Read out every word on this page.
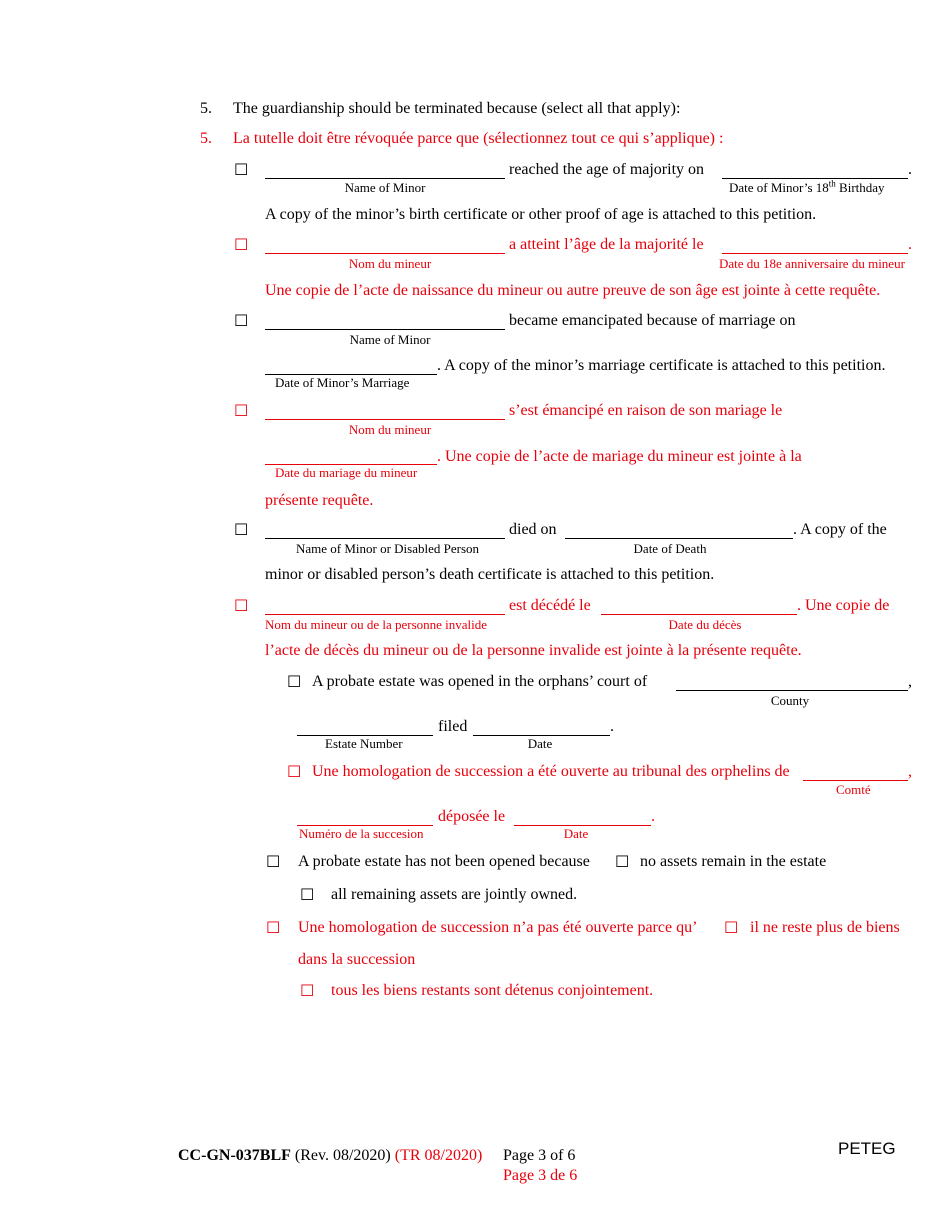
5. The guardianship should be terminated because (select all that apply):
5. La tutelle doit être révoquée parce que (sélectionnez tout ce qui s’applique) :
☐	reached the age of majority on	.
Name of Minor	Date of Minor’s 18th Birthday
A copy of the minor’s birth certificate or other proof of age is attached to this petition.
☐	a atteint l’âge de la majorité le	.
Nom du mineur	Date du 18e anniversaire du mineur
Une copie de l’acte de naissance du mineur ou autre preuve de son âge est jointe à cette requête.
☐	became emancipated because of marriage on
Name of Minor
. A copy of the minor’s marriage certificate is attached to this petition.
Date of Minor’s Marriage
☐	s’est émancipé en raison de son mariage le
Nom du mineur
. Une copie de l’acte de mariage du mineur est jointe à la
Date du mariage du mineur
présente requête.
☐	died on	. A copy of the
Name of Minor or Disabled Person	Date of Death
minor or disabled person’s death certificate is attached to this petition.
☐	est décédé le	. Une copie de
Nom du mineur ou de la personne invalide	Date du décès
l’acte de décès du mineur ou de la personne invalide est jointe à la présente requête.
☐ A probate estate was opened in the orphans’ court of	,
County
filed	.
Estate Number	Date
☐ Une homologation de succession a été ouverte au tribunal des orphelins de	,
Comté
déposée le	.
Numéro de la succesion	Date
☐ A probate estate has not been opened because ☐ no assets remain in the estate
☐ all remaining assets are jointly owned.
☐ Une homologation de succession n’a pas été ouverte parce qu’ ☐ il ne reste plus de biens
dans la succession
☐ tous les biens restants sont détenus conjointement.
CC-GN-037BLF (Rev. 08/2020) (TR 08/2020) Page 3 of 6
Page 3 de 6
PETEG
